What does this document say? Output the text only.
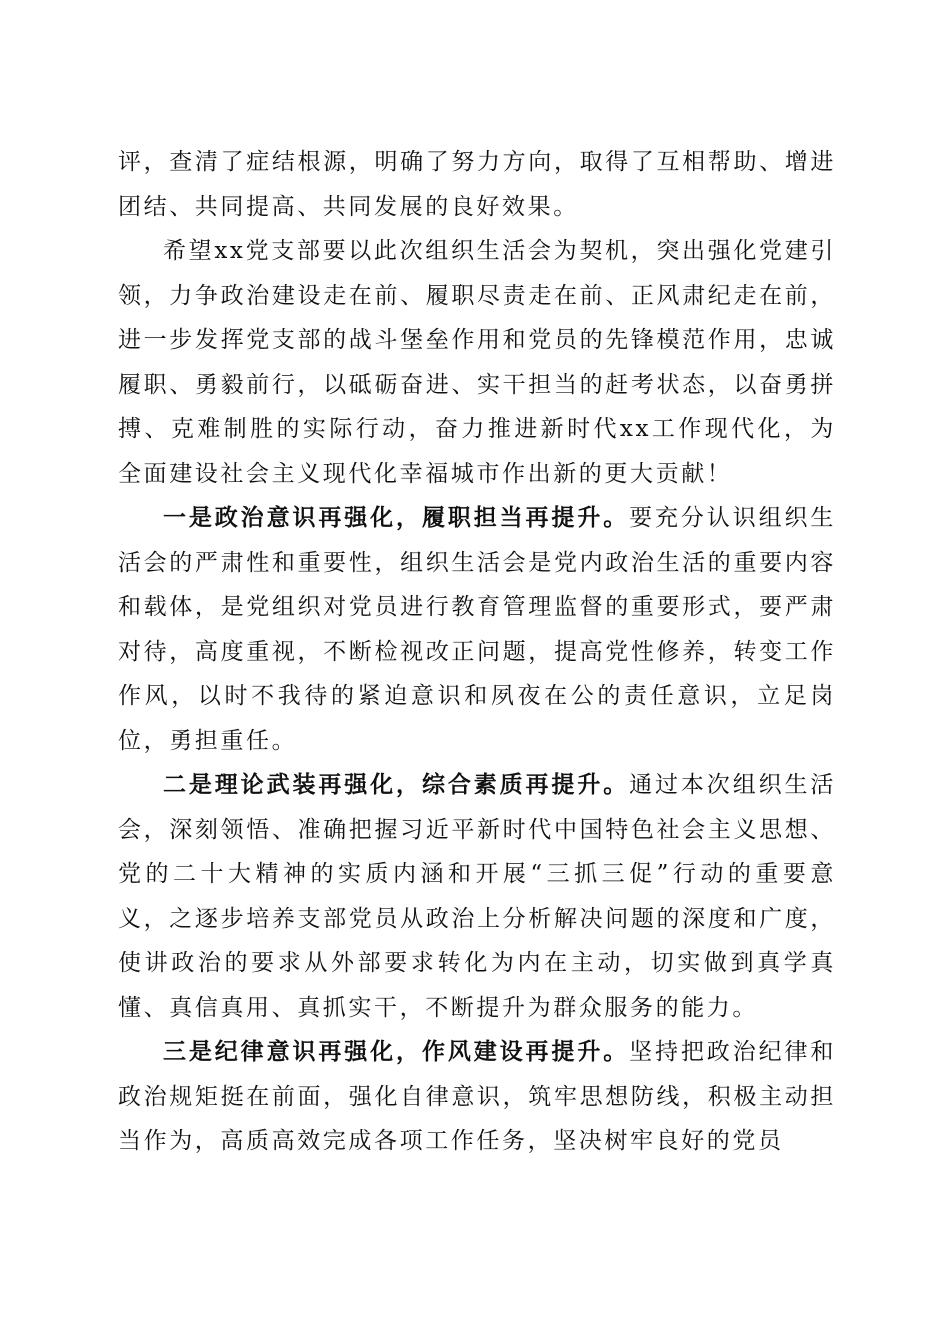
评，查清了症结根源，明确了努力方向，取得了互相帮助、增进团结、共同提高、共同发展的良好效果。

希望xx党支部要以此次组织生活会为契机，突出强化党建引领，力争政治建设走在前、履职尽责走在前、正风肃纪走在前，进一步发挥党支部的战斗堡垒作用和党员的先锋模范作用，忠诚履职、勇毅前行，以砥砺奋进、实干担当的赶考状态，以奋勇拼搏、克难制胜的实际行动，奋力推进新时代xx工作现代化，为全面建设社会主义现代化幸福城市作出新的更大贡献！

一是政治意识再强化，履职担当再提升。要充分认识组织生活会的严肃性和重要性，组织生活会是党内政治生活的重要内容和载体，是党组织对党员进行教育管理监督的重要形式，要严肃对待，高度重视，不断检视改正问题，提高党性修养，转变工作作风，以时不我待的紧迫意识和夙夜在公的责任意识，立足岗位，勇担重任。

二是理论武装再强化，综合素质再提升。通过本次组织生活会，深刻领悟、准确把握习近平新时代中国特色社会主义思想、党的二十大精神的实质内涵和开展“三抓三促”行动的重要意义，之逐步培养支部党员从政治上分析解决问题的深度和广度，使讲政治的要求从外部要求转化为内在主动，切实做到真学真懂、真信真用、真抓实干，不断提升为群众服务的能力。

三是纪律意识再强化，作风建设再提升。坚持把政治纪律和政治规矩挺在前面，强化自律意识，筑牢思想防线，积极主动担当作为，高质高效完成各项工作任务，坚决树牢良好的党员
